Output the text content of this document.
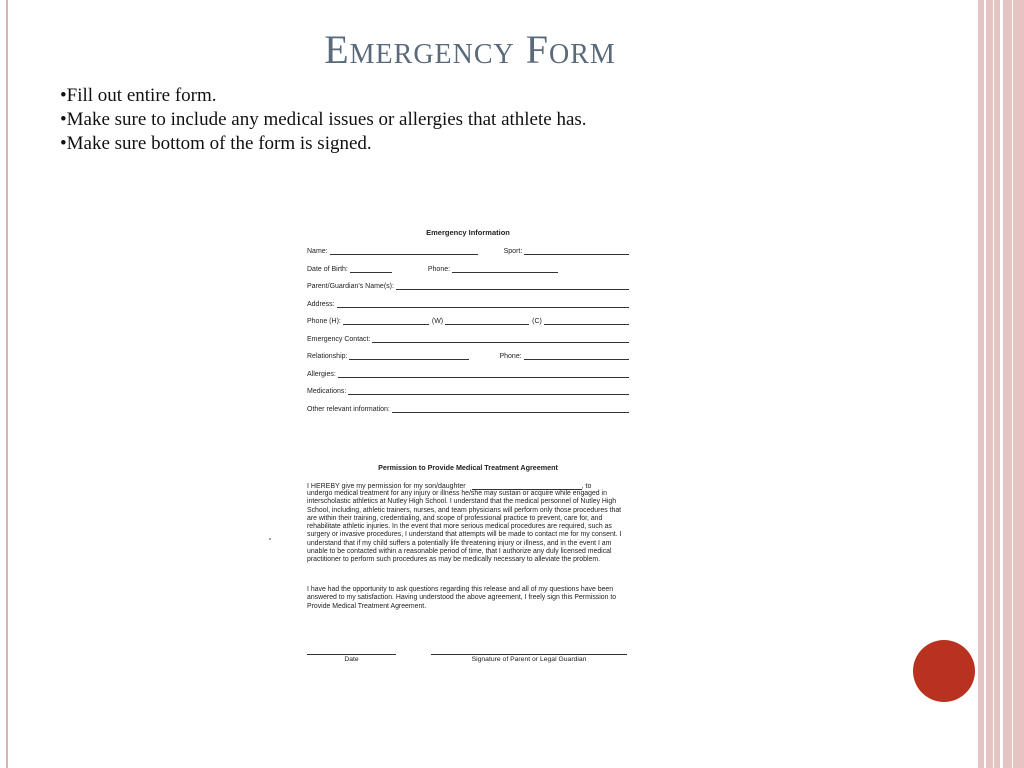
Emergency Form
•Fill out entire form.
•Make sure to include any medical issues or allergies that athlete has.
•Make sure bottom of the form is signed.
Emergency Information
Name:	Sport:
Date of Birth:	Phone:
Parent/Guardian's Name(s):
Address:
Phone (H):	(W)	(C)
Emergency Contact:
Relationship:	Phone:
Allergies:
Medications:
Other relevant information:
Permission to Provide Medical Treatment Agreement
I HEREBY give my permission for my son/daughter	, to
undergo medical treatment for any injury or illness he/she may sustain or acquire while engaged in interscholastic athletics at Nutley High School. I understand that the medical personnel of Nutley High School, including, athletic trainers, nurses, and team physicians will perform only those procedures that are within their training, credentialing, and scope of professional practice to prevent, care for, and rehabilitate athletic injuries. In the event that more serious medical procedures are required, such as surgery or invasive procedures, I understand that attempts will be made to contact me for my consent. I understand that if my child suffers a potentially life threatening injury or illness, and in the event I am unable to be contacted within a reasonable period of time, that I authorize any duly licensed medical practitioner to perform such procedures as may be medically necessary to alleviate the problem.
I have had the opportunity to ask questions regarding this release and all of my questions have been answered to my satisfaction. Having understood the above agreement, I freely sign this Permission to Provide Medical Treatment Agreement.
Date	Signature of Parent or Legal Guardian
